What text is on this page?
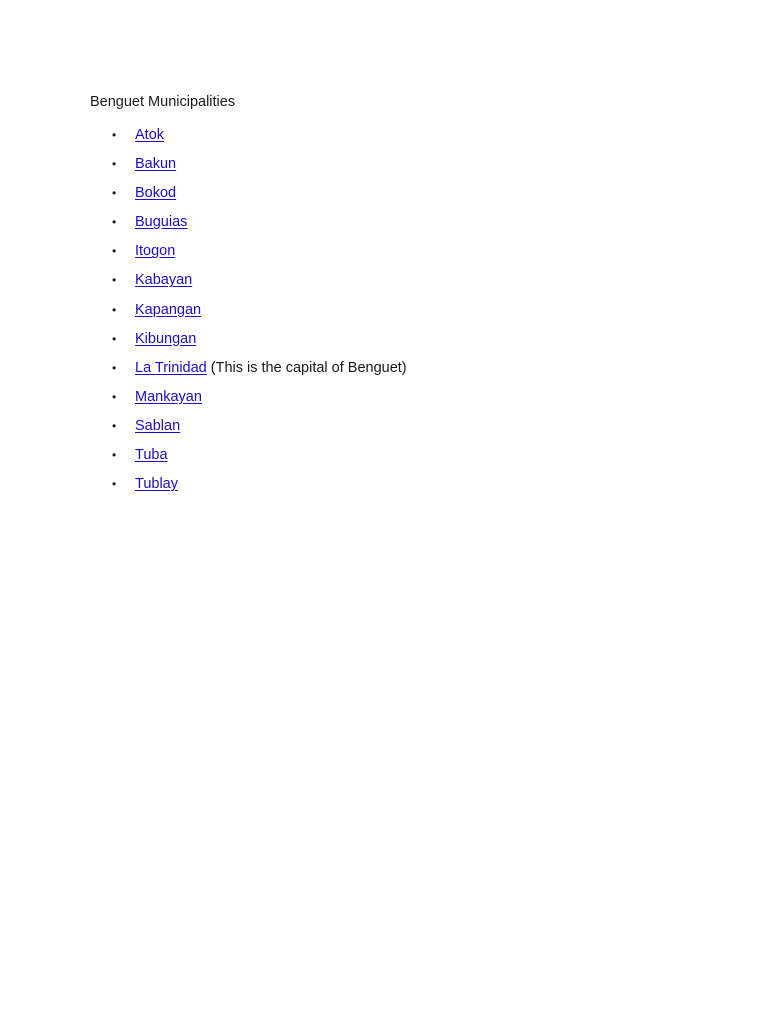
Benguet Municipalities
• Atok
• Bakun
• Bokod
• Buguias
• Itogon
• Kabayan
• Kapangan
• Kibungan
• La Trinidad (This is the capital of Benguet)
• Mankayan
• Sablan
• Tuba
• Tublay
